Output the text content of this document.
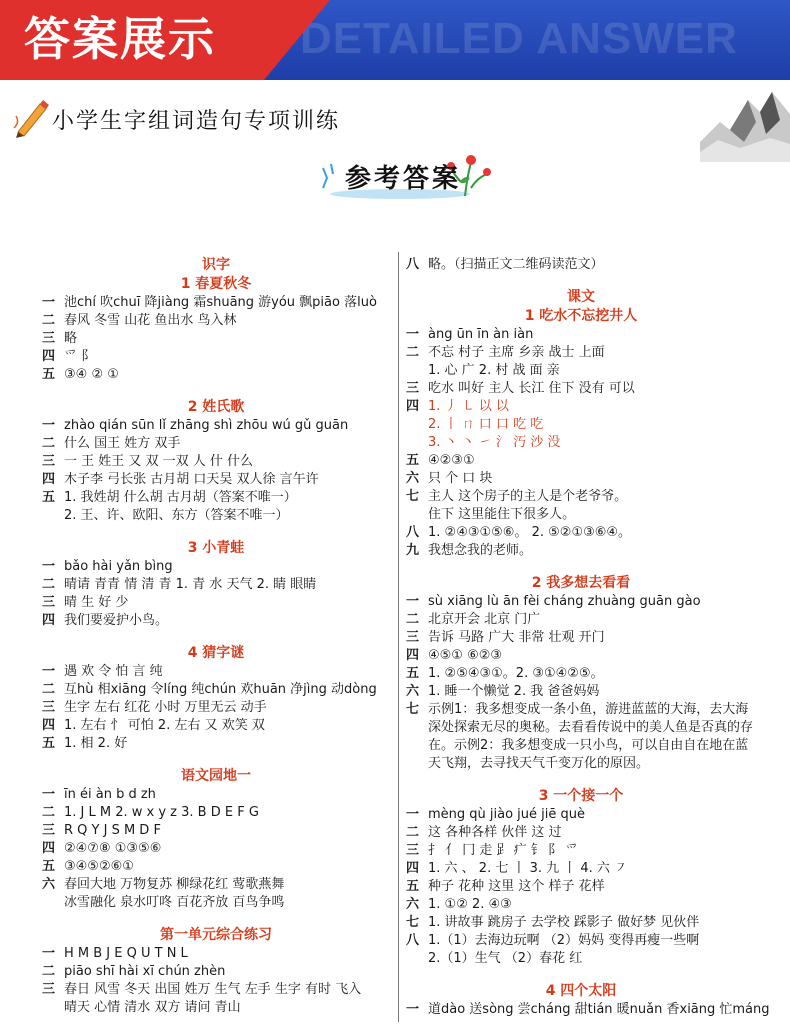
DETAILED ANSWER
答案展示
小学生字组词造句专项训练
参考答案
识字
1 春夏秋冬
一 池chí 吹chuī 降jiàng 霜shuāng 游yóu 飘piāo 落luò
二 春风 冬雪 山花 鱼出水 鸟入林
三 略
四 爫 阝
五 ③④ ② ①
2 姓氏歌
一 zhào qián sūn lǐ zhāng shì zhōu wú gǔ guān
二 什么 国王 姓方 双手
三 一 王 姓王 又 双 一双 人 什 什么
四 木子李 弓长张 古月胡 口天吴 双人徐 言午许
五 1. 我姓胡 什么胡 古月胡（答案不唯一）
2. 王、许、欧阳、东方（答案不唯一）
3 小青蛙
一 bǎo hài yǎn bìng
二 晴请 青青 情 清 青 1. 青 水 天气 2. 睛 眼睛
三 晴 生 好 少
四 我们要爱护小鸟。
4 猜字谜
一 遇 欢 令 怕 言 纯
二 互hù 相xiāng 令líng 纯chún 欢huān 净jìng 动dòng
三 生字 左右 红花 小时 万里无云 动手
四 1. 左右 忄 可怕 2. 左右 又 欢笑 双
五 1. 相 2. 好
语文园地一
一 īn éi àn b d zh
二 1. J L M 2. w x y z 3. B D E F G
三 R Q Y J S M D F
四 ②④⑦⑧ ①③⑤⑥
五 ③④⑤②⑥①
六 春回大地 万物复苏 柳绿花红 莺歌燕舞
冰雪融化 泉水叮咚 百花齐放 百鸟争鸣
第一单元综合练习
一 H M B J E Q U T N L
二 piāo shī hài xī chún zhèn
三 春日 风雪 冬天 出国 姓万 生气 左手 生字 有时 飞入
晴天 心情 清水 双方 请问 青山
八 略。（扫描正文二维码读范文）
课文
1 吃水不忘挖井人
一 àng ūn īn àn iàn
二 不忘 村子 主席 乡亲 战士 上面
1. 心 广 2. 村 战 面 亲
三 吃水 叫好 主人 长江 住下 没有 可以
四 1. 丿 ㇄ 以 以
2. 丨 ㄇ 口 口 吃 吃
3. 丶 丶 ㇀ 氵 汅 沙 没
五 ④②③①
六 只 个 口 块
七 主人 这个房子的主人是个老爷爷。
住下 这里能住下很多人。
八 1. ②④③①⑤⑥。 2. ⑤②①③⑥④。
九 我想念我的老师。
2 我多想去看看
一 sù xiāng lù ān fèi cháng zhuàng guān gào
二 北京开会 北京 门广
三 告诉 马路 广大 非常 壮观 开门
四 ④⑤① ⑥②③
五 1. ②⑤④③①。2. ③①④②⑤。
六 1. 睡一个懒觉 2. 我 爸爸妈妈
七 示例1：我多想变成一条小鱼，游进蓝蓝的大海，去大海
深处探索无尽的奥秘。去看看传说中的美人鱼是否真的存
在。示例2：我多想变成一只小鸟，可以自由自在地在蓝
天飞翔，去寻找天气千变万化的原因。
3 一个接一个
一 mèng qù jiào jué jiē què
二 这 各种各样 伙伴 这 过
三 扌 亻 冂 走 𧾷 疒 钅 阝 爫
四 1. 六 、 2. 七 丨 3. 九 丨 4. 六 ㇇
五 种子 花种 这里 这个 样子 花样
六 1. ①② 2. ④③
七 1. 讲故事 跳房子 去学校 踩影子 做好梦 见伙伴
八 1.（1）去海边玩啊 （2）妈妈 变得再瘦一些啊
2.（1）生气 （2）春花 红
4 四个太阳
一 道dào 送sòng 尝cháng 甜tián 暖nuǎn 香xiāng 忙máng
